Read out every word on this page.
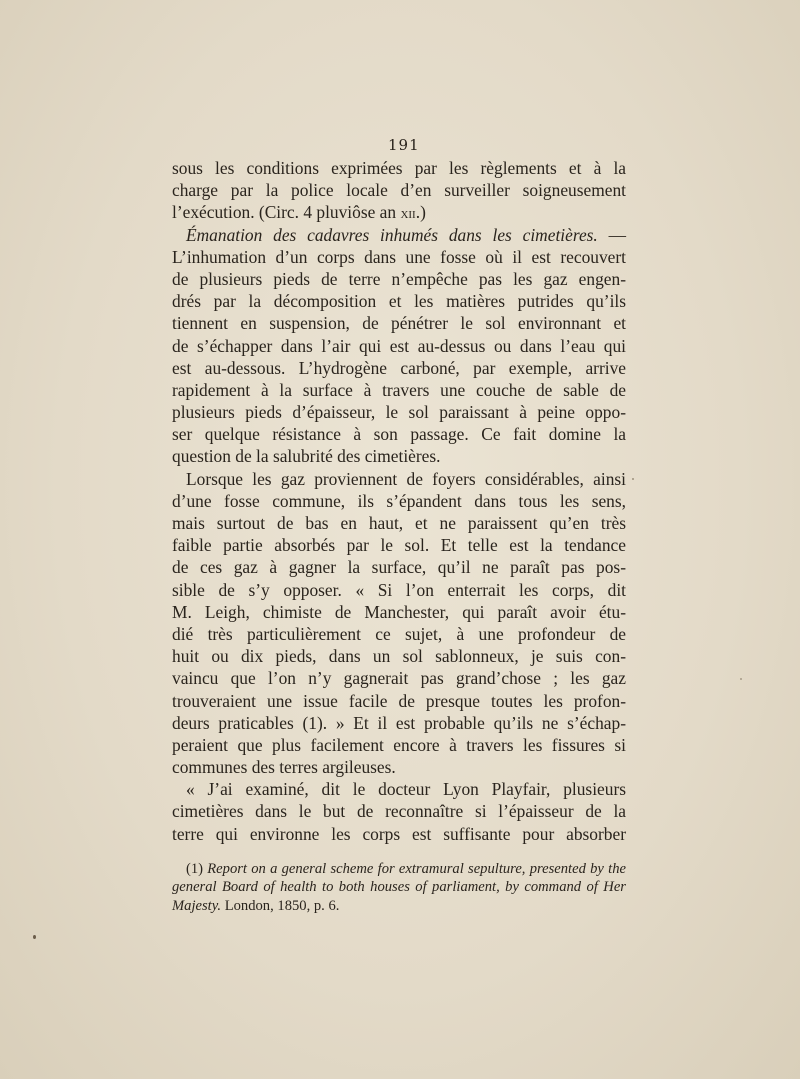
191
sous les conditions exprimées par les règlements et à la
charge par la police locale d’en surveiller soigneusement
l’exécution. (Circ. 4 pluviôse an xii.)
Émanation des cadavres inhumés dans les cimetières. —
L’inhumation d’un corps dans une fosse où il est recouvert
de plusieurs pieds de terre n’empêche pas les gaz engen-
drés par la décomposition et les matières putrides qu’ils
tiennent en suspension, de pénétrer le sol environnant et
de s’échapper dans l’air qui est au-dessus ou dans l’eau qui
est au-dessous. L’hydrogène carboné, par exemple, arrive
rapidement à la surface à travers une couche de sable de
plusieurs pieds d’épaisseur, le sol paraissant à peine oppo-
ser quelque résistance à son passage. Ce fait domine la
question de la salubrité des cimetières.
Lorsque les gaz proviennent de foyers considérables, ainsi
d’une fosse commune, ils s’épandent dans tous les sens,
mais surtout de bas en haut, et ne paraissent qu’en très
faible partie absorbés par le sol. Et telle est la tendance
de ces gaz à gagner la surface, qu’il ne paraît pas pos-
sible de s’y opposer. « Si l’on enterrait les corps, dit
M. Leigh, chimiste de Manchester, qui paraît avoir étu-
dié très particulièrement ce sujet, à une profondeur de
huit ou dix pieds, dans un sol sablonneux, je suis con-
vaincu que l’on n’y gagnerait pas grand’chose ; les gaz
trouveraient une issue facile de presque toutes les profon-
deurs praticables (1). » Et il est probable qu’ils ne s’échap-
peraient que plus facilement encore à travers les fissures si
communes des terres argileuses.
« J’ai examiné, dit le docteur Lyon Playfair, plusieurs
cimetières dans le but de reconnaître si l’épaisseur de la
terre qui environne les corps est suffisante pour absorber
(1) Report on a general scheme for extramural sepulture, presented by the
general Board of health to both houses of parliament, by command of Her
Majesty. London, 1850, p. 6.
